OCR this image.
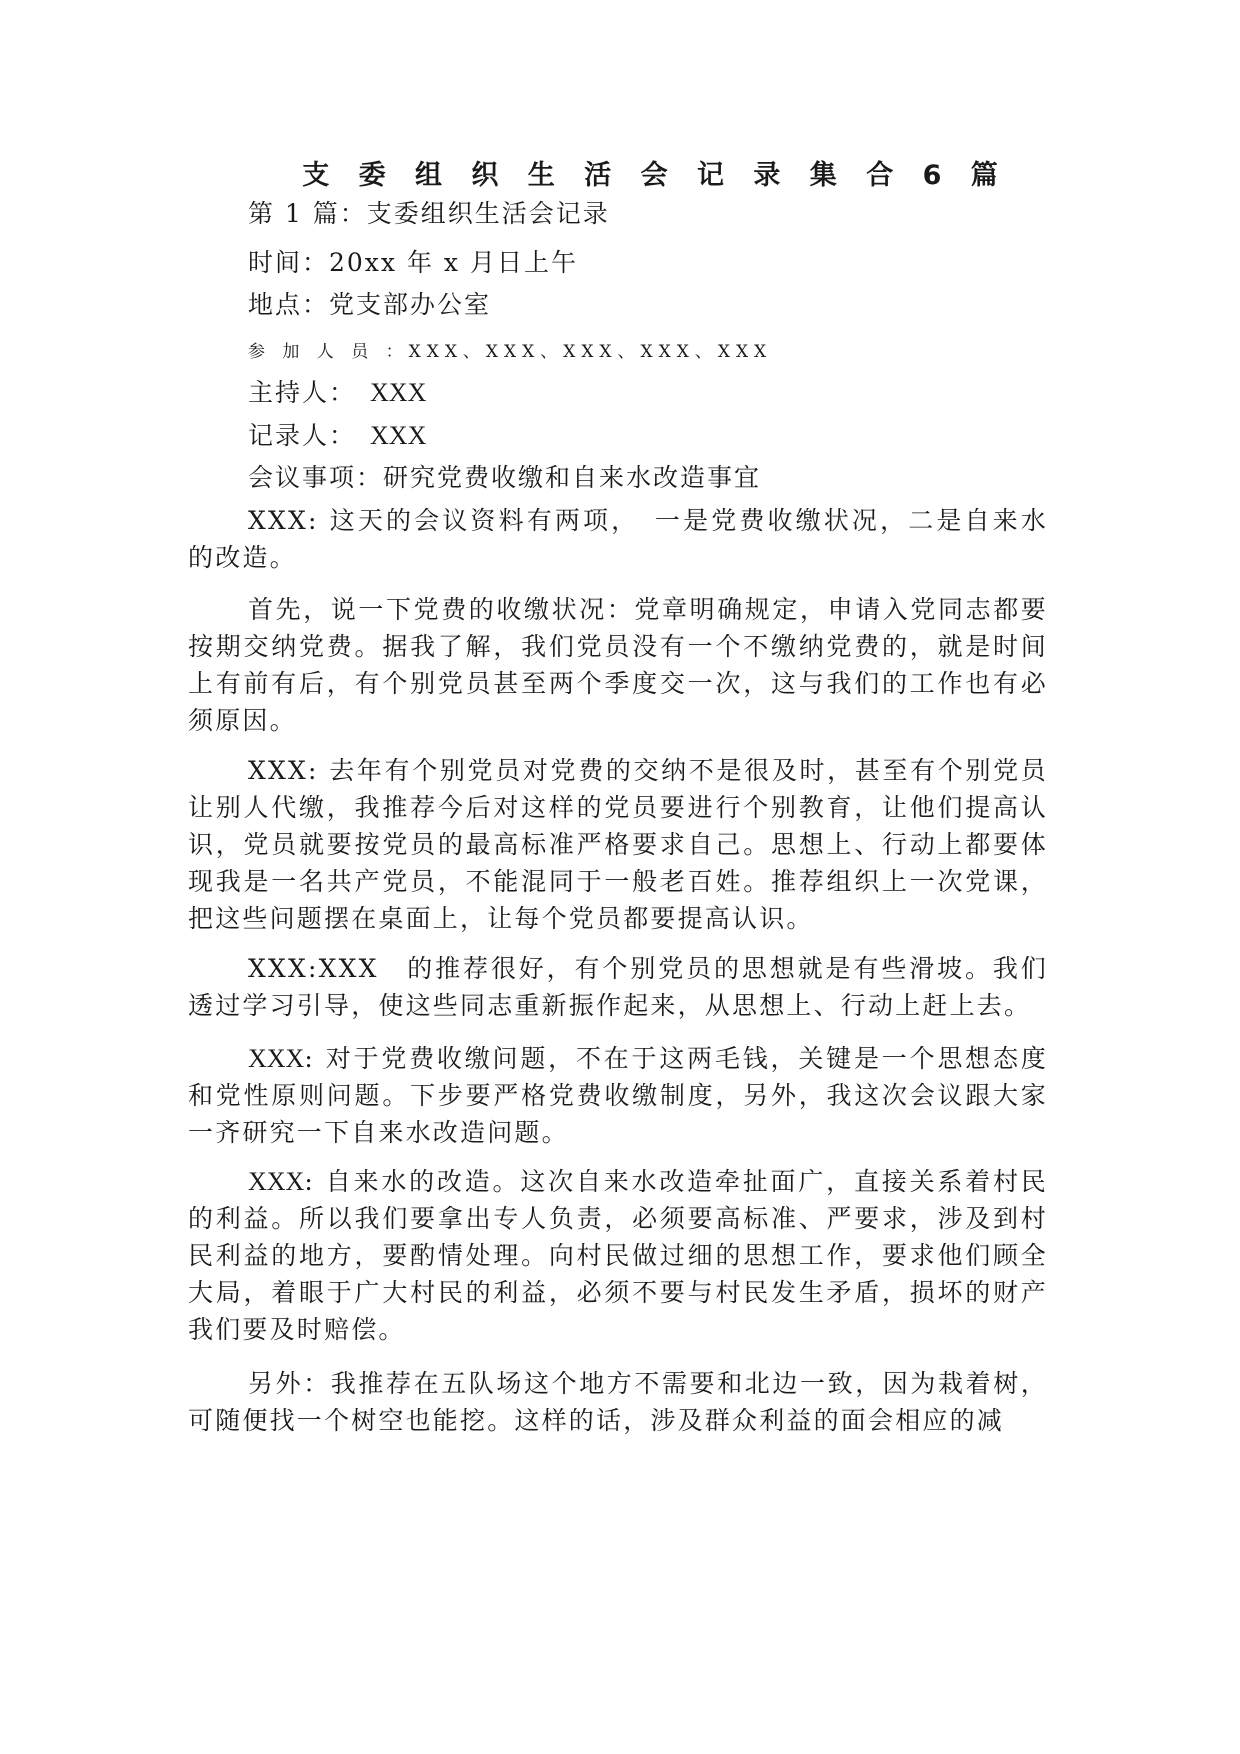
支 委 组 织 生 活 会 记 录 集 合 6 篇
第 1 篇：支委组织生活会记录
时间：20xx 年 x 月日上午
地点：党支部办公室
参 加 人 员 ：XXX、XXX、XXX、XXX、XXX
主持人： XXX
记录人： XXX
会议事项：研究党费收缴和自来水改造事宜

XXX: 这天的会议资料有两项，　一是党费收缴状况，二是自来水的改造。

首先，说一下党费的收缴状况：党章明确规定，申请入党同志都要按期交纳党费。据我了解，我们党员没有一个不缴纳党费的，就是时间上有前有后，有个别党员甚至两个季度交一次，这与我们的工作也有必须原因。

XXX: 去年有个别党员对党费的交纳不是很及时，甚至有个别党员让别人代缴，我推荐今后对这样的党员要进行个别教育，让他们提高认识，党员就要按党员的最高标准严格要求自己。思想上、行动上都要体现我是一名共产党员，不能混同于一般老百姓。推荐组织上一次党课，把这些问题摆在桌面上，让每个党员都要提高认识。

XXX:XXX　的推荐很好，有个别党员的思想就是有些滑坡。我们透过学习引导，使这些同志重新振作起来，从思想上、行动上赶上去。

XXX: 对于党费收缴问题，不在于这两毛钱，关键是一个思想态度和党性原则问题。下步要严格党费收缴制度，另外，我这次会议跟大家一齐研究一下自来水改造问题。

XXX: 自来水的改造。这次自来水改造牵扯面广，直接关系着村民的利益。所以我们要拿出专人负责，必须要高标准、严要求，涉及到村民利益的地方，要酌情处理。向村民做过细的思想工作，要求他们顾全大局，着眼于广大村民的利益，必须不要与村民发生矛盾，损坏的财产我们要及时赔偿。

另外：我推荐在五队场这个地方不需要和北边一致，因为栽着树，可随便找一个树空也能挖。这样的话，涉及群众利益的面会相应的减
